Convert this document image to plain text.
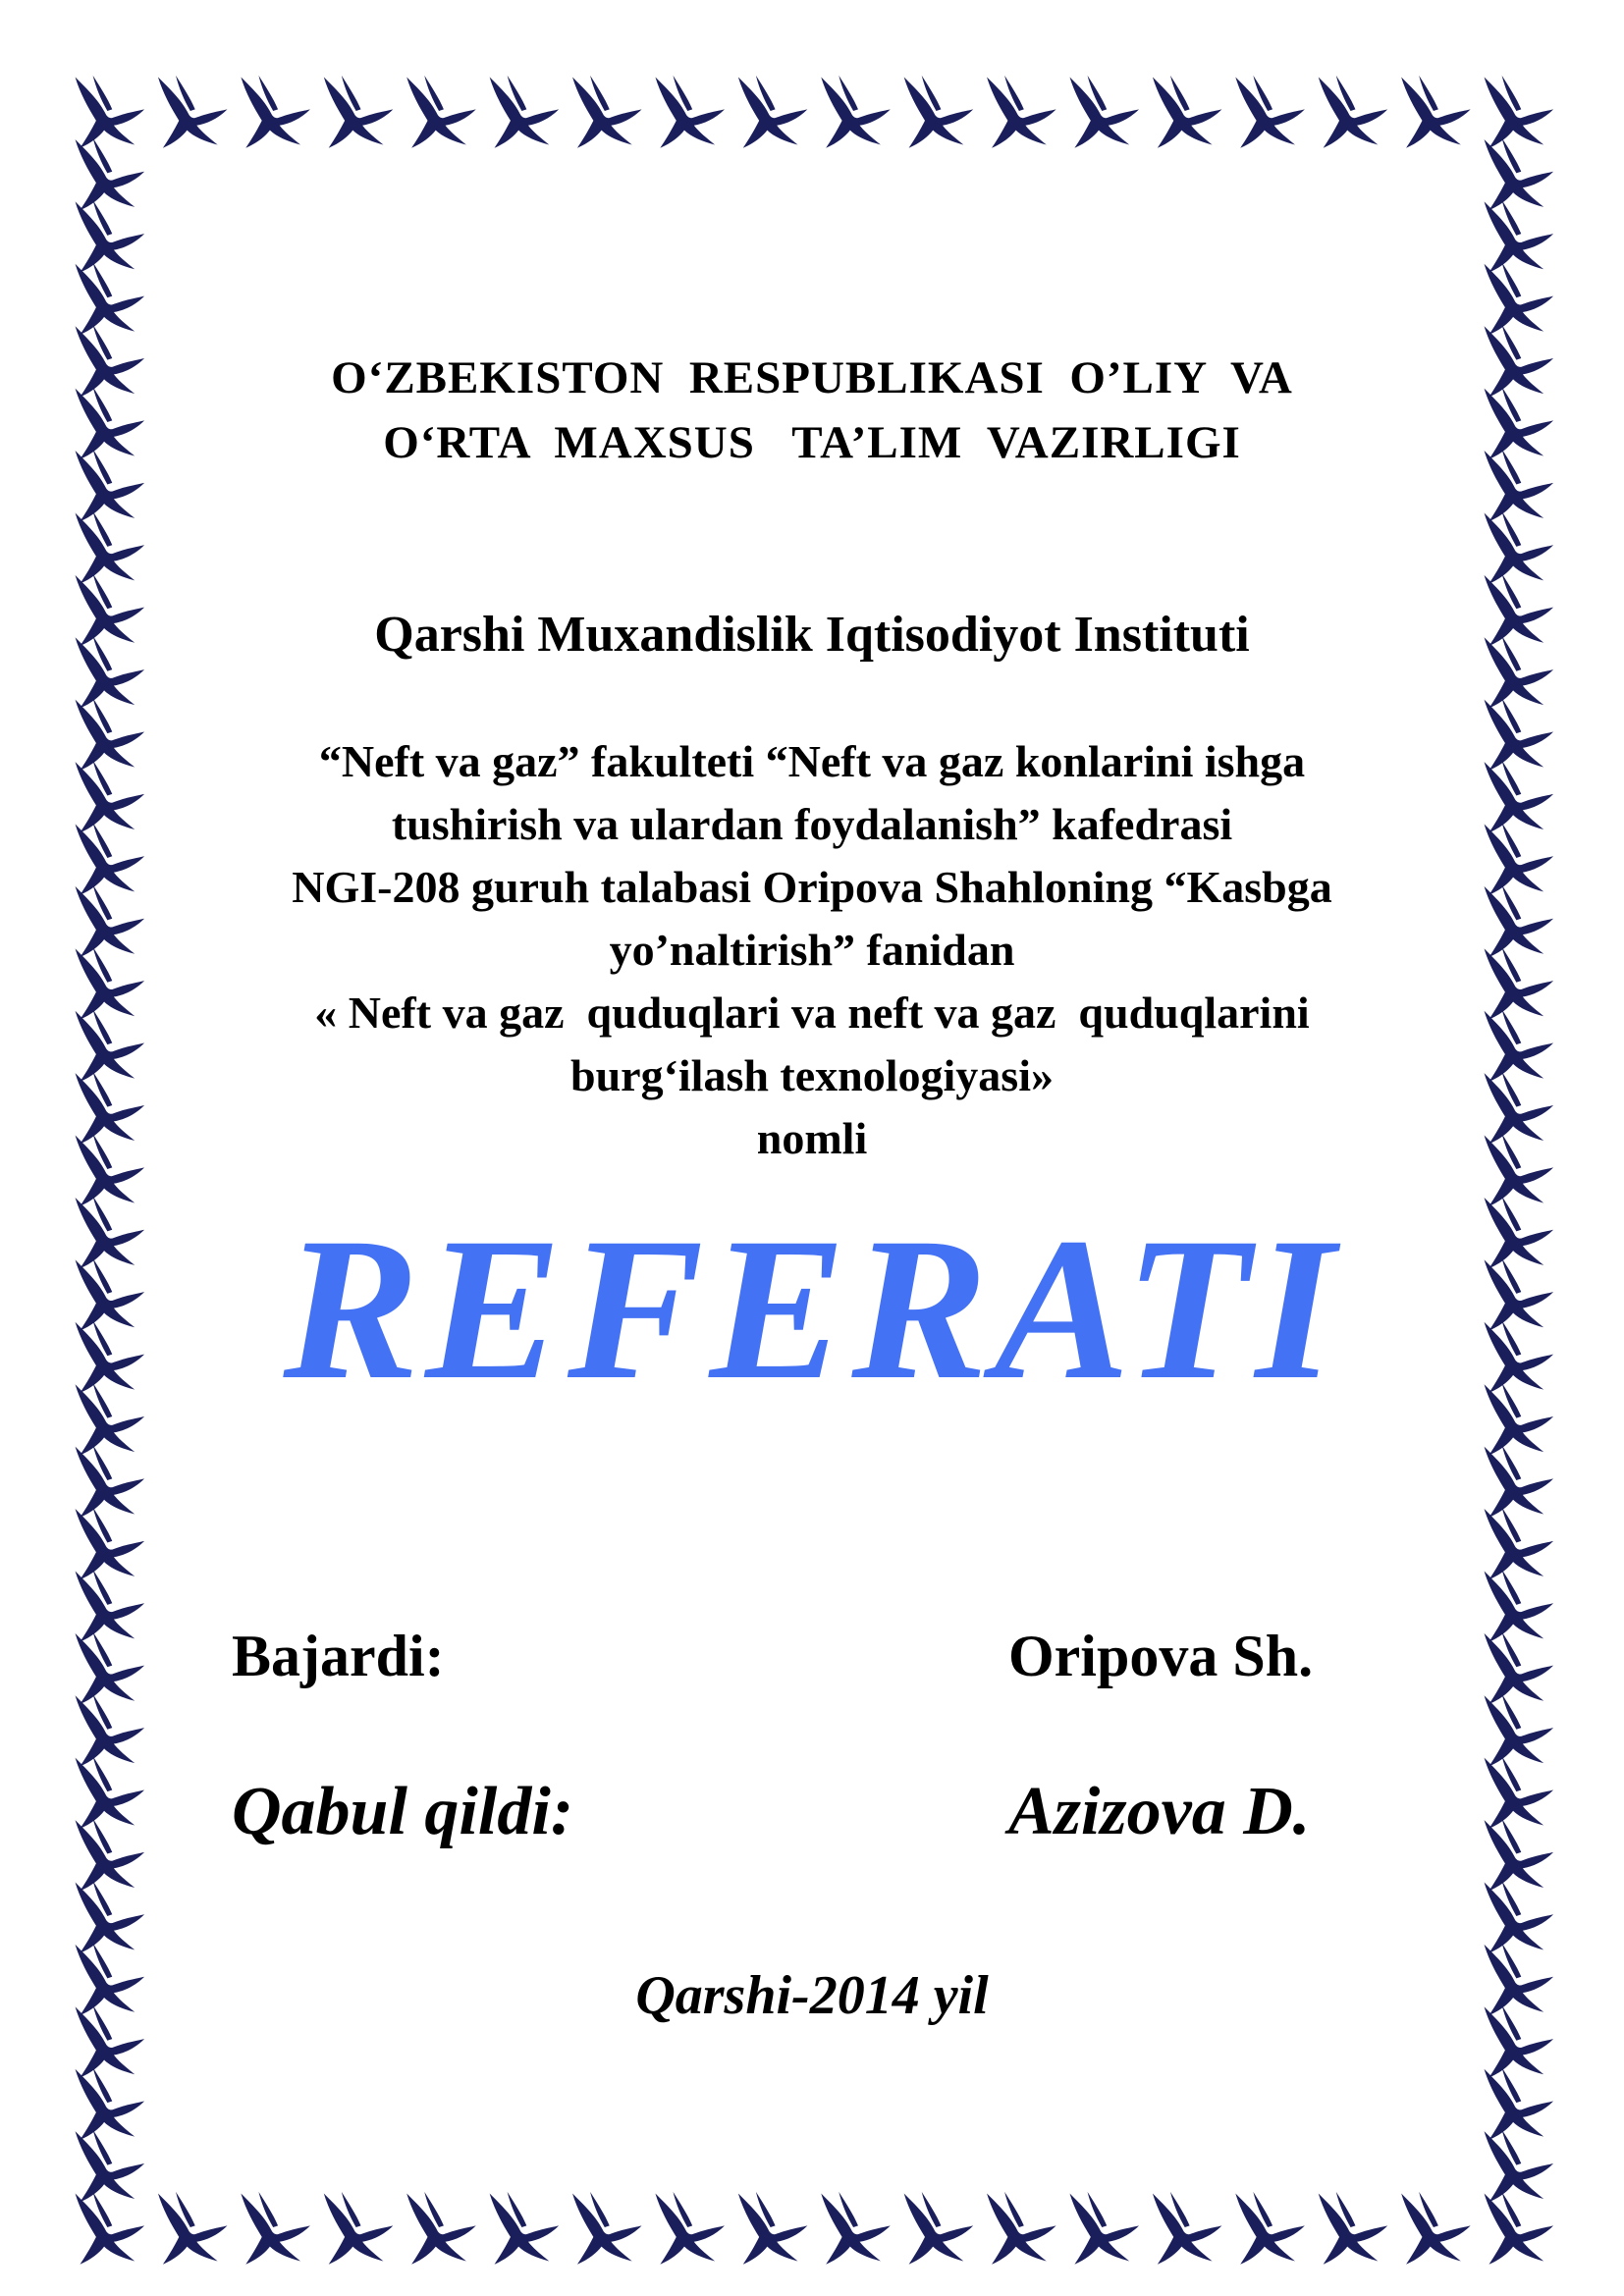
O‘ZBEKISTON  RESPUBLIKASI  O’LIY  VA
O‘RTA  MAXSUS   TA’LIM  VAZIRLIGI
Qarshi Muxandislik Iqtisodiyot Instituti
“Neft va gaz” fakulteti “Neft va gaz konlarini ishga
tushirish va ulardan foydalanish” kafedrasi
NGI-208 guruh talabasi Oripova Shahloning “Kasbga
yo’naltirish” fanidan
« Neft va gaz  quduqlari va neft va gaz  quduqlarini
burg‘ilash texnologiyasi»
nomli
REFERATI
Bajardi:	Oripova Sh.
Qabul qildi:	Azizova D.
Qarshi-2014 yil
